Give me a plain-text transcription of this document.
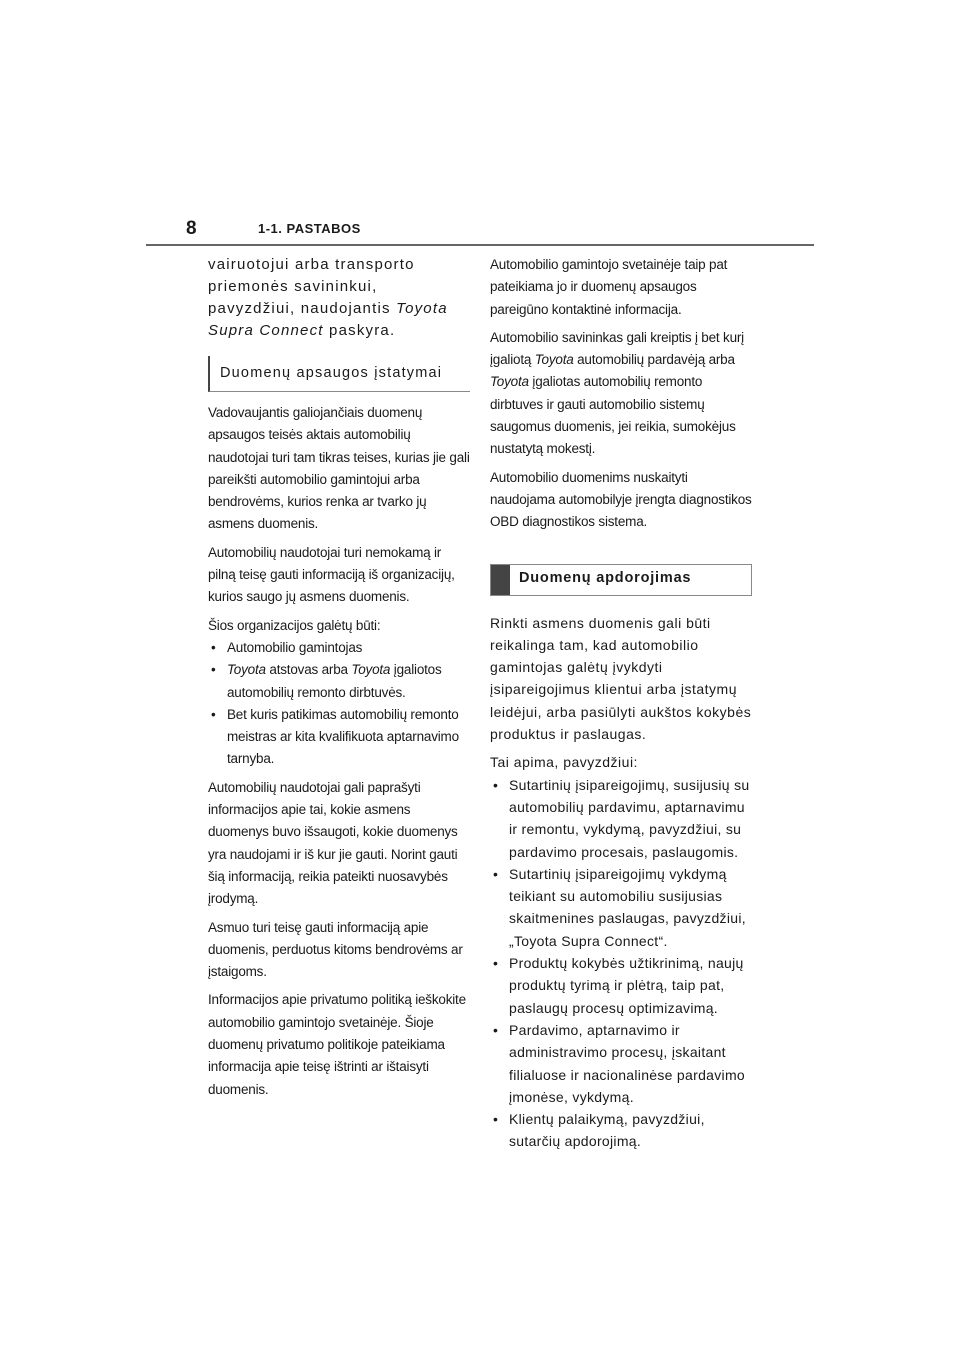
8	1-1. PASTABOS

vairuotojui arba transporto priemonės savininkui, pavyzdžiui, naudojantis Toyota Supra Connect paskyra.

Duomenų apsaugos įstatymai

Vadovaujantis galiojančiais duomenų apsaugos teisės aktais automobilių naudotojai turi tam tikras teises, kurias jie gali pareikšti automobilio gamintojui arba bendrovėms, kurios renka ar tvarko jų asmens duomenis.

Automobilių naudotojai turi nemokamą ir pilną teisę gauti informaciją iš organizacijų, kurios saugo jų asmens duomenis.

Šios organizacijos galėtų būti:

• Automobilio gamintojas
• Toyota atstovas arba Toyota įgaliotos automobilių remonto dirbtuvės.
• Bet kuris patikimas automobilių remonto meistras ar kita kvalifikuota aptarnavimo tarnyba.

Automobilių naudotojai gali paprašyti informacijos apie tai, kokie asmens duomenys buvo išsaugoti, kokie duomenys yra naudojami ir iš kur jie gauti. Norint gauti šią informaciją, reikia pateikti nuosavybės įrodymą.

Asmuo turi teisę gauti informaciją apie duomenis, perduotus kitoms bendrovėms ar įstaigoms.

Informacijos apie privatumo politiką ieškokite automobilio gamintojo svetainėje. Šioje duomenų privatumo politikoje pateikiama informacija apie teisę ištrinti ar ištaisyti duomenis.

Automobilio gamintojo svetainėje taip pat pateikiama jo ir duomenų apsaugos pareigūno kontaktinė informacija.

Automobilio savininkas gali kreiptis į bet kurį įgaliotą Toyota automobilių pardavėją arba Toyota įgaliotas automobilių remonto dirbtuves ir gauti automobilio sistemų saugomus duomenis, jei reikia, sumokėjus nustatytą mokestį.

Automobilio duomenims nuskaityti naudojama automobilyje įrengta diagnostikos OBD diagnostikos sistema.

Duomenų apdorojimas

Rinkti asmens duomenis gali būti reikalinga tam, kad automobilio gamintojas galėtų įvykdyti įsipareigojimus klientui arba įstatymų leidėjui, arba pasiūlyti aukštos kokybės produktus ir paslaugas.

Tai apima, pavyzdžiui:

• Sutartinių įsipareigojimų, susijusių su automobilių pardavimu, aptarnavimu ir remontu, vykdymą, pavyzdžiui, su pardavimo procesais, paslaugomis.
• Sutartinių įsipareigojimų vykdymą teikiant su automobiliu susijusias skaitmenines paslaugas, pavyzdžiui, „Toyota Supra Connect“.
• Produktų kokybės užtikrinimą, naujų produktų tyrimą ir plėtrą, taip pat, paslaugų procesų optimizavimą.
• Pardavimo, aptarnavimo ir administravimo procesų, įskaitant filialuose ir nacionalinėse pardavimo įmonėse, vykdymą.
• Klientų palaikymą, pavyzdžiui, sutarčių apdorojimą.
